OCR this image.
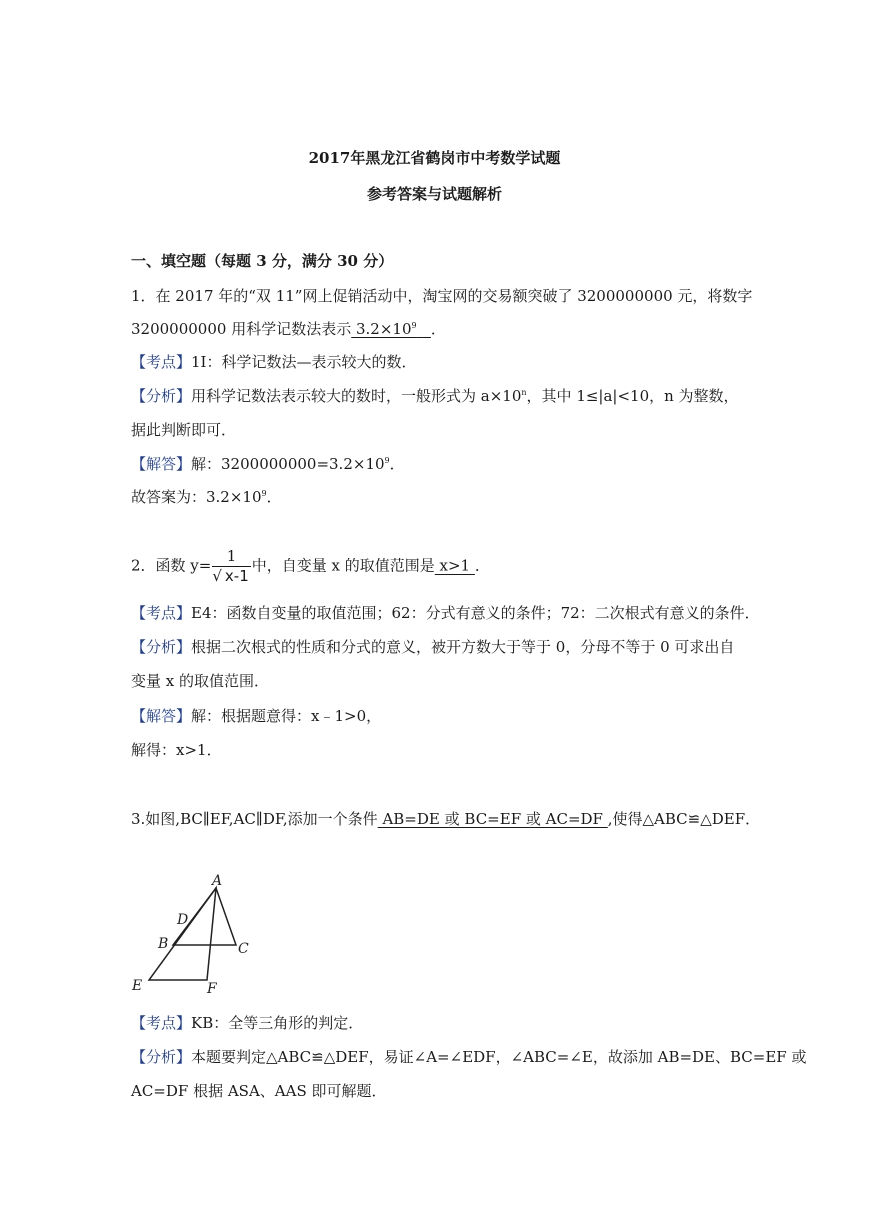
2017年黑龙江省鹤岗市中考数学试题
参考答案与试题解析
一、填空题（每题 3 分，满分 30 分）
1．在 2017 年的“双 11”网上促销活动中，淘宝网的交易额突破了 3200000000 元，将数字
3200000000 用科学记数法表示 $3.2\times 10^9$ ．
【考点】1I：科学记数法—表示较大的数．
【分析】用科学记数法表示较大的数时，一般形式为 $a\times 10^n$，其中 1≤|a|<10，n 为整数，
据此判断即可．
【解答】解：$3200000000=3.2\times 10^9$．
故答案为：$3.2\times 10^9$．
2．函数 $y= \frac{1}{√ x-1}$ 中，自变量 x 的取值范围是 x>1 ．
【考点】E4：函数自变量的取值范围；62：分式有意义的条件；72：二次根式有意义的条件．
【分析】根据二次根式的性质和分式的意义，被开方数大于等于 0，分母不等于 0 可求出自
变量 x 的取值范围．
【解答】解：根据题意得：x﹣1>0，
解得：x>1．
3.如图,BC∥EF,AC∥DF,添加一个条件 AB=DE 或 BC=EF 或 AC=DF ,使得△ABC≌△DEF．
A
D
B	C
E	F
【考点】KB：全等三角形的判定．
【分析】本题要判定△ABC≌△DEF，易证∠A=∠EDF，∠ABC=∠E，故添加 AB=DE、BC=EF 或
AC=DF 根据 ASA、AAS 即可解题．
